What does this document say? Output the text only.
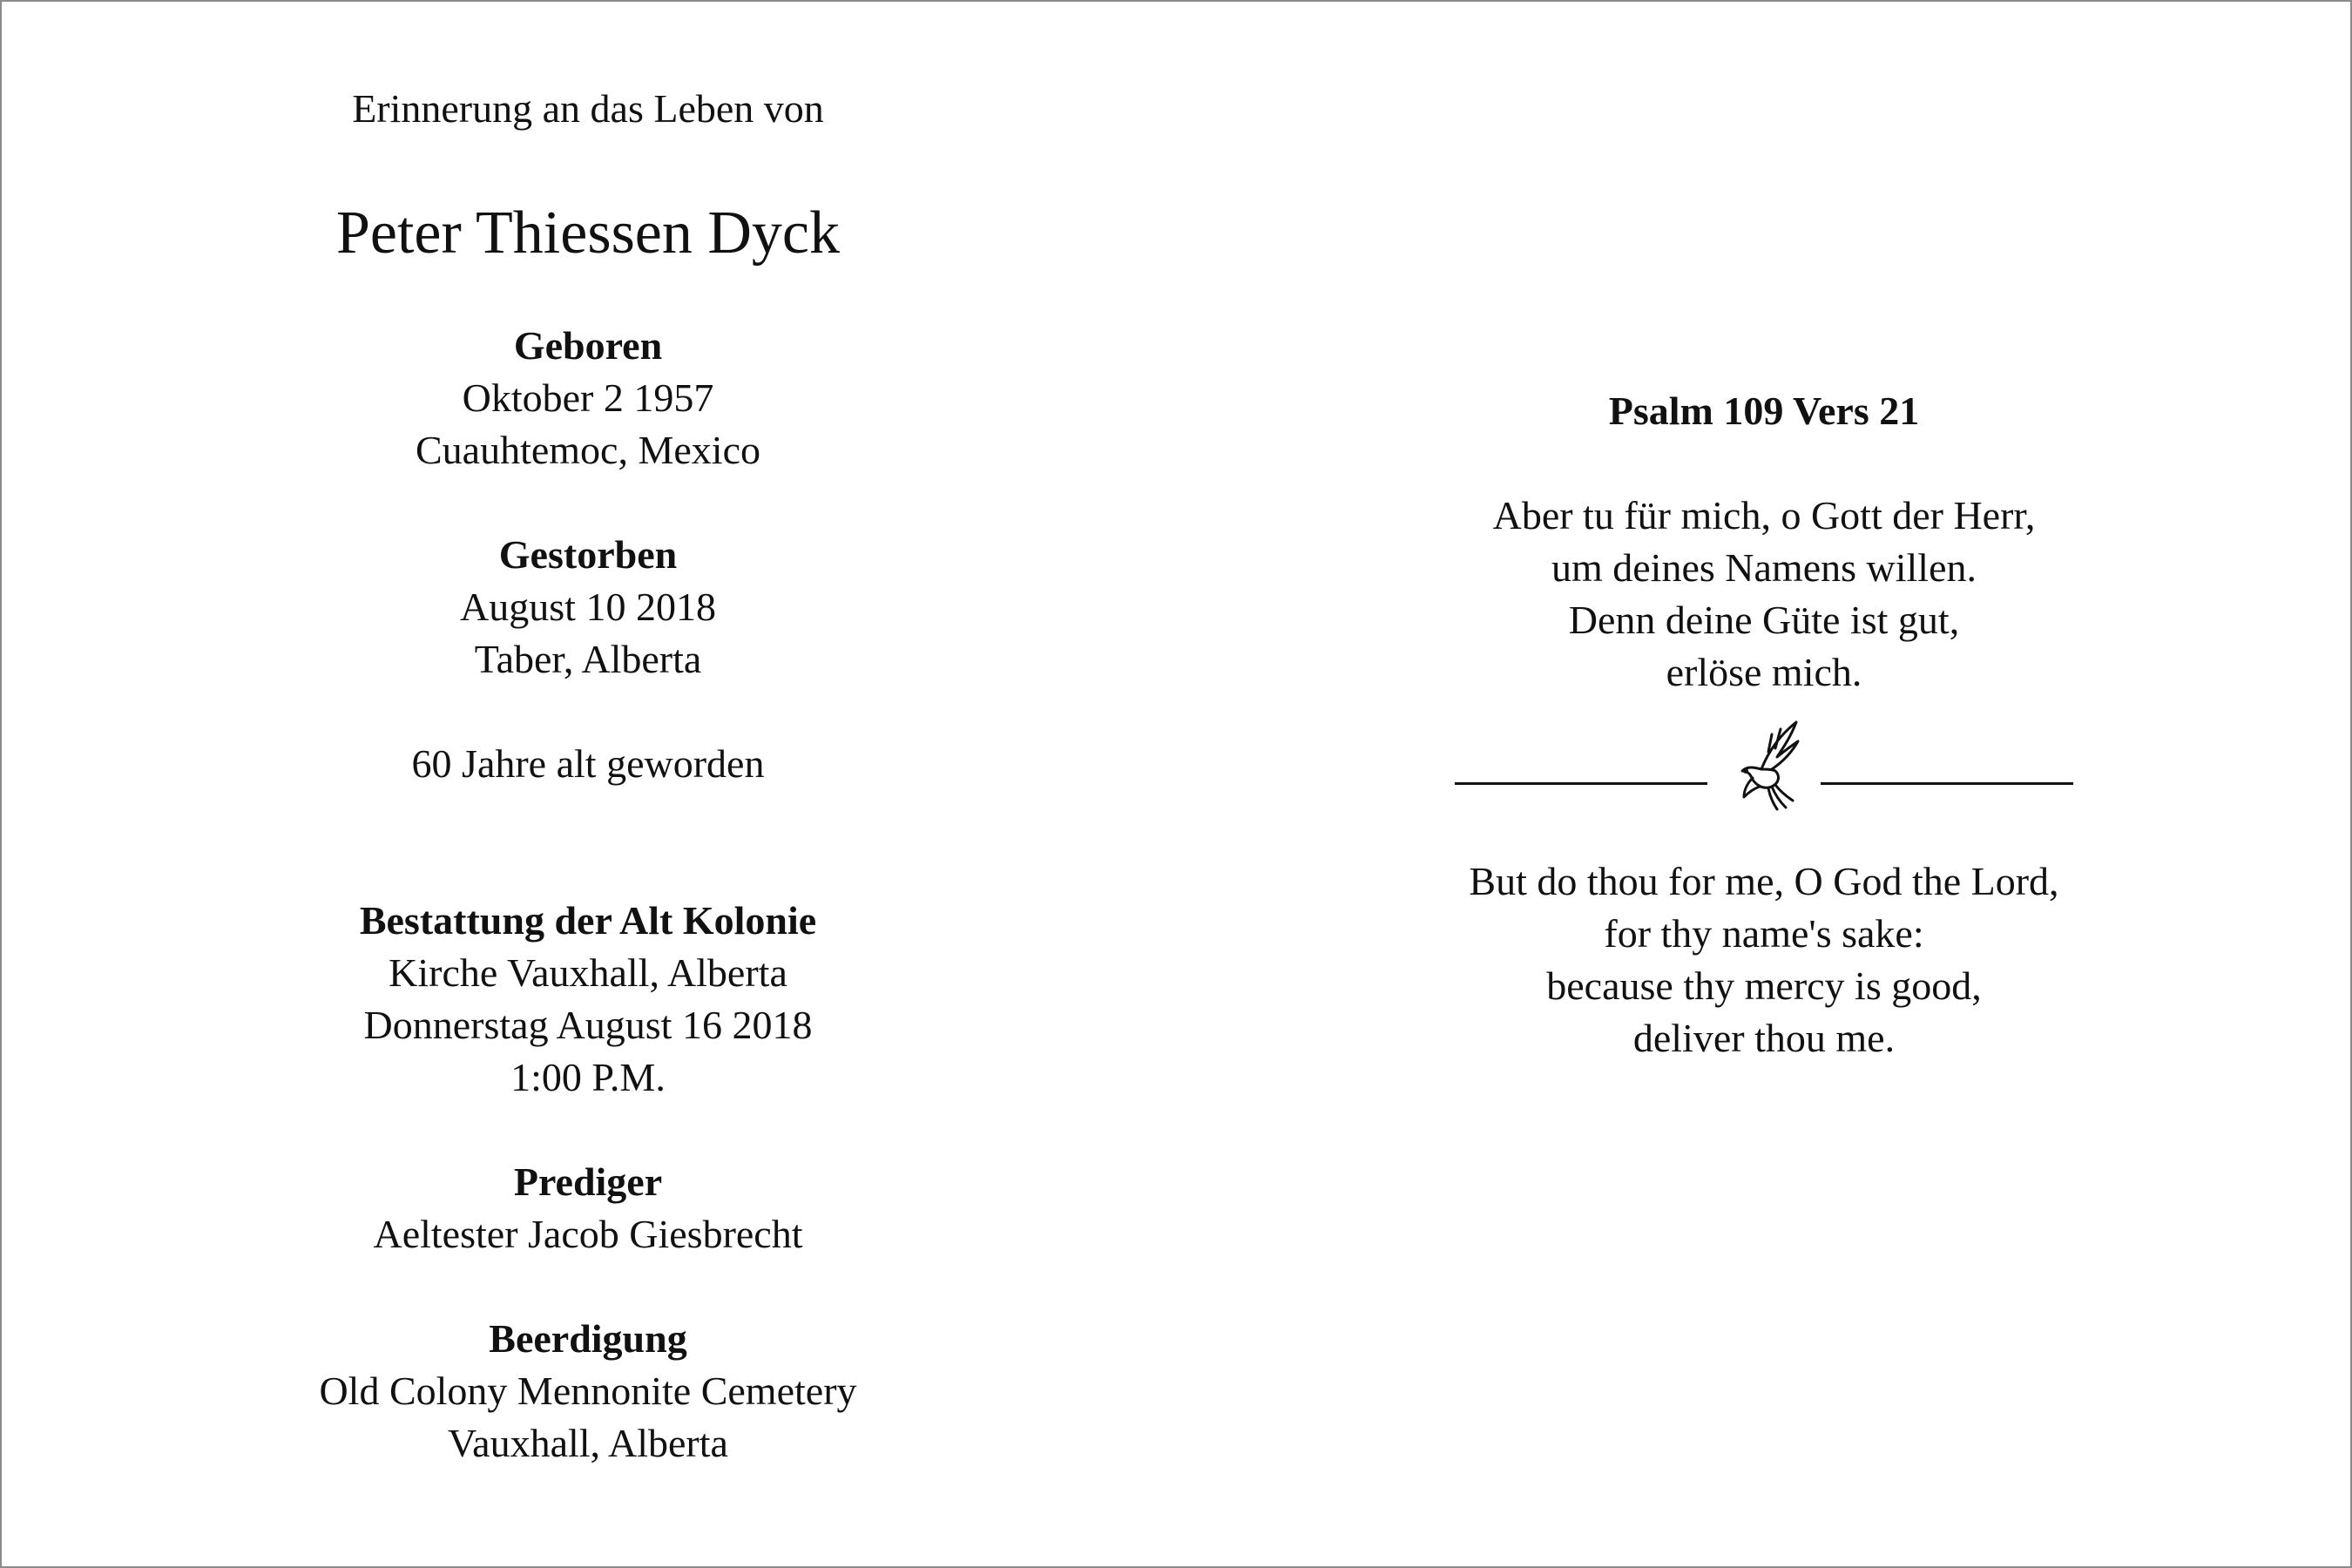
Erinnerung an das Leben von
Peter Thiessen Dyck
Geboren
Oktober 2 1957
Cuauhtemoc, Mexico
Gestorben
August 10 2018
Taber, Alberta
60 Jahre alt geworden
Bestattung der Alt Kolonie
Kirche Vauxhall, Alberta
Donnerstag August 16 2018
1:00 P.M.
Prediger
Aeltester Jacob Giesbrecht
Beerdigung
Old Colony Mennonite Cemetery
Vauxhall, Alberta
Psalm 109 Vers 21
Aber tu für mich, o Gott der Herr,
um deines Namens willen.
Denn deine Güte ist gut,
erlöse mich.
But do thou for me, O God the Lord,
for thy name's sake:
because thy mercy is good,
deliver thou me.
